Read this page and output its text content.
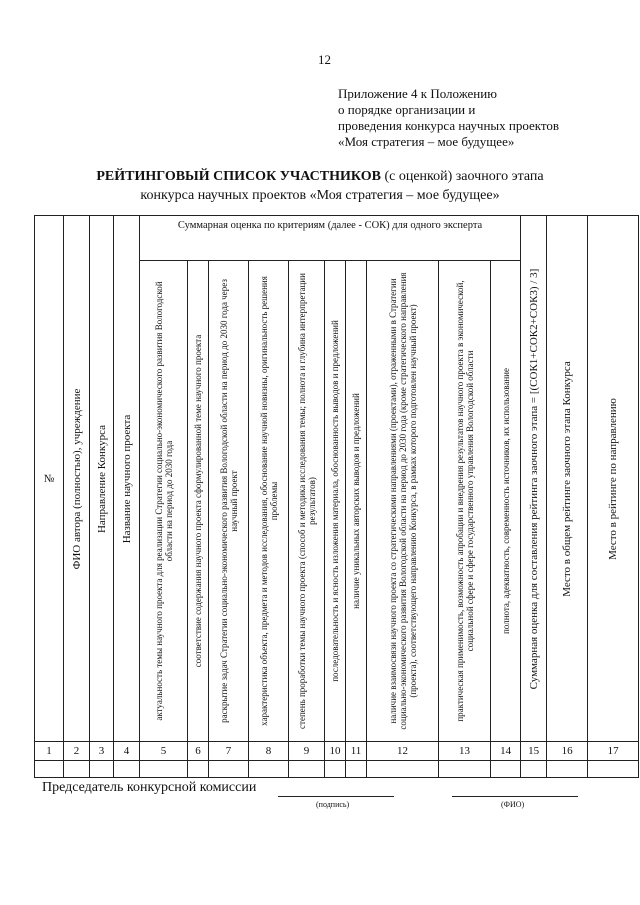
12
Приложение 4 к Положению
о порядке организации и
проведения конкурса научных проектов
«Моя стратегия – мое будущее»
РЕЙТИНГОВЫЙ СПИСОК УЧАСТНИКОВ (с оценкой) заочного этапа
конкурса научных проектов «Моя стратегия – мое будущее»
№	ФИО автора (полностью), учреждение	Направление Конкурса	Название научного проекта	Суммарная оценка по критериям (далее - СОК) для одного эксперта										Суммарная оценка для составления рейтинга заочного этапа = [(СОК1+СОК2+СОК3) / 3]	Место в общем рейтинге заочного этапа Конкурса	Место в рейтинге по направлению

				актуальность темы научного проекта для реализации Стратегии социально-экономического развития Вологодской области на период до 2030 года	соответствие содержания научного проекта сформулированной теме научного проекта	раскрытие задач Стратегии социально-экономического развития Вологодской области на период до 2030 года через научный проект	характеристика объекта, предмета и методов исследования, обоснование научной новизны, оригинальность решения проблемы	степень проработки темы научного проекта (способ и методика исследования темы; полнота и глубина интерпретации результатов)	последовательность и ясность изложения материала, обоснованность выводов и предложений	наличие уникальных авторских выводов и предложений	наличие взаимосвязи научного проекта со стратегическими направлениями (проектами), отраженными в Стратегии социально-экономического развития Вологодской области на период до 2030 года (кроме стратегического направления (проекта), соответствующего направлению Конкурса, в рамках которого подготовлен научный проект)	практическая применимость, возможность апробации и внедрения результатов научного проекта в экономической, социальной сфере и сфере государственного управления Вологодской области	полнота, адекватность, современность источников, их использование			

1	2	3	4	5	6	7	8	9	10	11	12	13	14	15	16	17

Председатель конкурсной комиссии
(подпись)	(ФИО)
